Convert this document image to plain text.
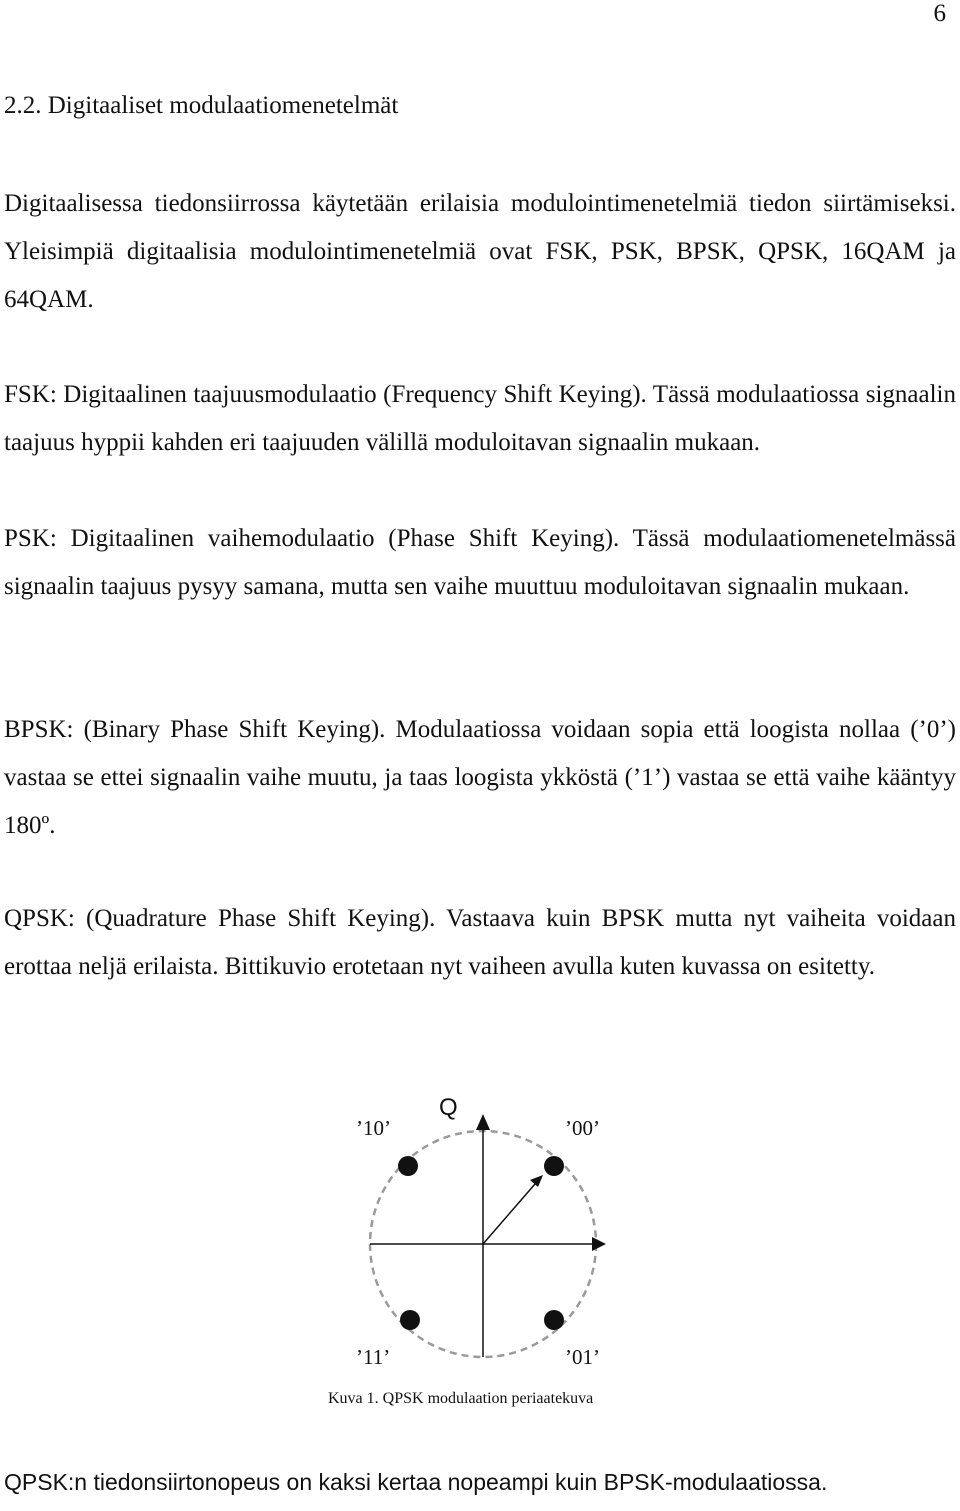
6
2.2. Digitaaliset modulaatiomenetelmät

Digitaalisessa tiedonsiirrossa käytetään erilaisia modulointimenetelmiä tiedon siirtämiseksi. Yleisimpiä digitaalisia modulointimenetelmiä ovat FSK, PSK, BPSK, QPSK, 16QAM ja 64QAM.

FSK: Digitaalinen taajuusmodulaatio (Frequency Shift Keying). Tässä modulaatiossa signaalin taajuus hyppii kahden eri taajuuden välillä moduloitavan signaalin mukaan.

PSK: Digitaalinen vaihemodulaatio (Phase Shift Keying). Tässä modulaatiomenetelmässä signaalin taajuus pysyy samana, mutta sen vaihe muuttuu moduloitavan signaalin mukaan.

BPSK: (Binary Phase Shift Keying). Modulaatiossa voidaan sopia että loogista nollaa (’0’) vastaa se ettei signaalin vaihe muutu, ja taas loogista ykköstä (’1’) vastaa se että vaihe kääntyy 180º.

QPSK: (Quadrature Phase Shift Keying). Vastaava kuin BPSK mutta nyt vaiheita voidaan erottaa neljä erilaista. Bittikuvio erotetaan nyt vaiheen avulla kuten kuvassa on esitetty.

Q
’10’	’00’
’11’	’01’
Kuva 1. QPSK modulaation periaatekuva
QPSK:n tiedonsiirtonopeus on kaksi kertaa nopeampi kuin BPSK-modulaatiossa.
